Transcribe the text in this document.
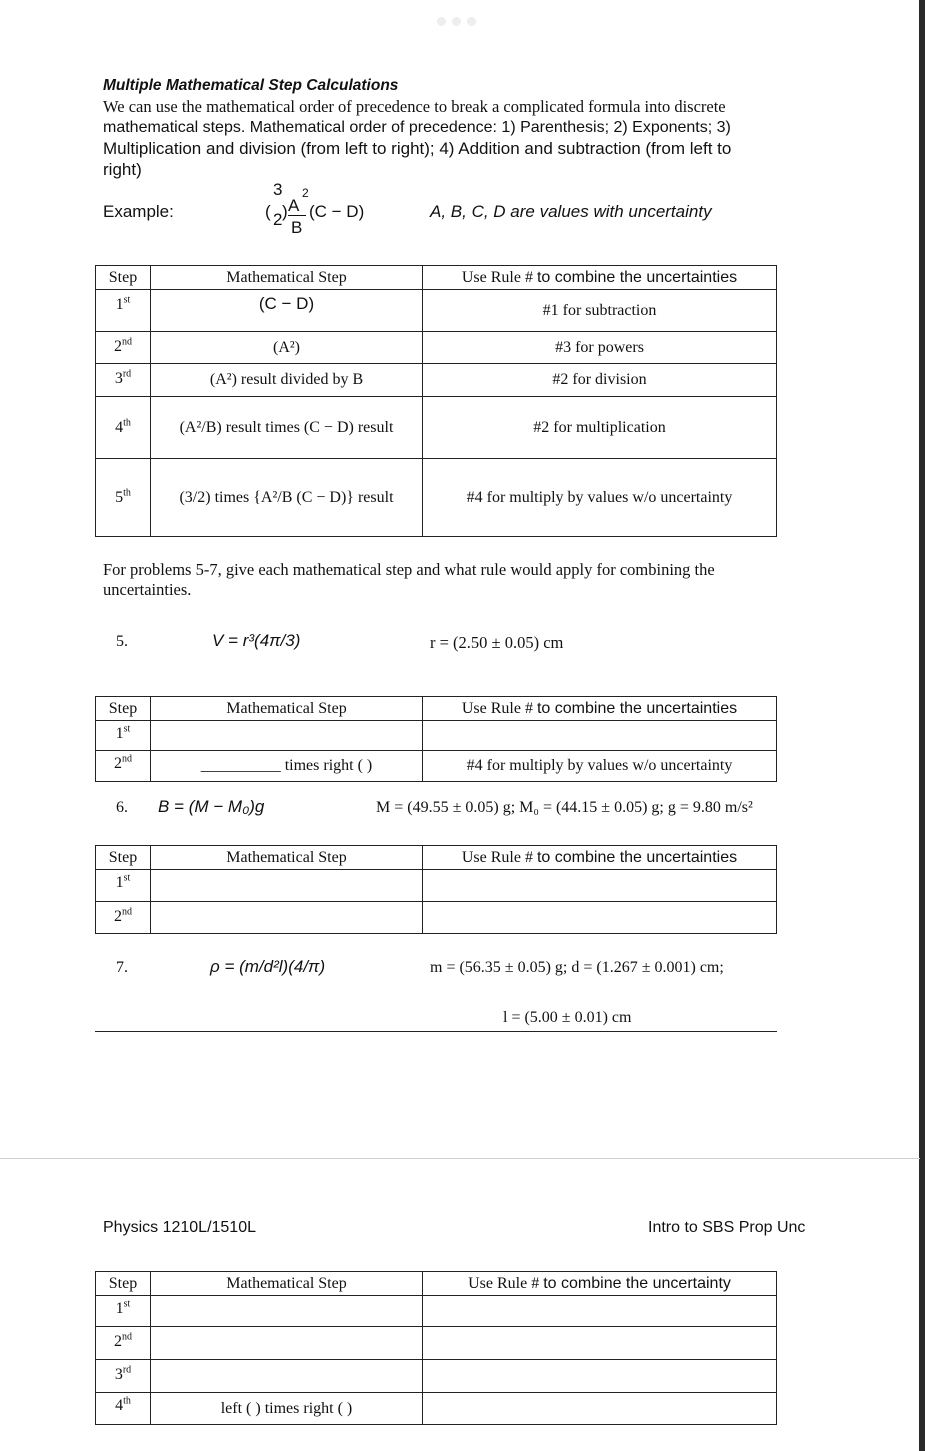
Multiple Mathematical Step Calculations
We can use the mathematical order of precedence to break a complicated formula into discrete
mathematical steps. Mathematical order of precedence: 1) Parenthesis; 2) Exponents; 3)
Multiplication and division (from left to right); 4) Addition and subtraction (from left to
right)
Example:
3
( 2 ) A
2
B
(C − D)	A, B, C, D are values with uncertainty
Step	Mathematical Step	Use Rule # to combine the uncertainties
1st	(C − D)	#1 for subtraction
2nd	(A²)	#3 for powers
3rd	(A²) result divided by B	#2 for division
4th	(A²/B) result times (C − D) result	#2 for multiplication
5th	(3/2) times {A²/B (C − D)} result	#4 for multiply by values w/o uncertainty
For problems 5-7, give each mathematical step and what rule would apply for combining the
uncertainties.
5.	V = r³(4π/3)	r = (2.50 ± 0.05) cm
Step	Mathematical Step	Use Rule # to combine the uncertainties
1st		
2nd	__________ times right ( )	#4 for multiply by values w/o uncertainty
6. B = (M − M₀)g	M = (49.55 ± 0.05) g; M₀ = (44.15 ± 0.05) g; g = 9.80 m/s²
Step	Mathematical Step	Use Rule # to combine the uncertainties
1st		
2nd		
7.	ρ = (m/d²l)(4/π)	m = (56.35 ± 0.05) g; d = (1.267 ± 0.001) cm;
l = (5.00 ± 0.01) cm
Physics 1210L/1510L	Intro to SBS Prop Unc
Step	Mathematical Step	Use Rule # to combine the uncertainty
1st		
2nd		
3rd		
4th	left ( ) times right ( )	
